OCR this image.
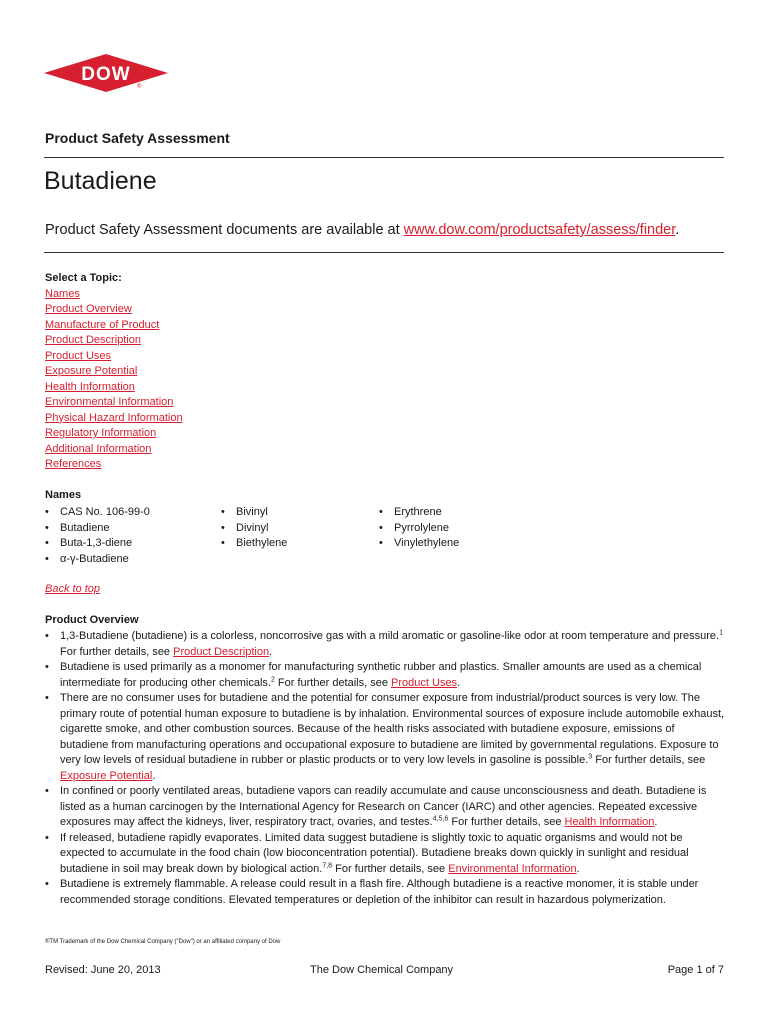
DOW
®
Product Safety Assessment
Butadiene
Product Safety Assessment documents are available at www.dow.com/productsafety/assess/finder.
Select a Topic:
Names
Product Overview
Manufacture of Product
Product Description
Product Uses
Exposure Potential
Health Information
Environmental Information
Physical Hazard Information
Regulatory Information
Additional Information
References
Names
• CAS No. 106-99-0
• Butadiene
• Buta-1,3-diene
• α-γ-Butadiene
• Bivinyl
• Divinyl
• Biethylene
• Erythrene
• Pyrrolylene
• Vinylethylene
Back to top
Product Overview
• 1,3-Butadiene (butadiene) is a colorless, noncorrosive gas with a mild aromatic or gasoline-like odor at room temperature and pressure.$^1$ For further details, see Product Description.
• Butadiene is used primarily as a monomer for manufacturing synthetic rubber and plastics. Smaller amounts are used as a chemical intermediate for producing other chemicals.$^2$ For further details, see Product Uses.
• There are no consumer uses for butadiene and the potential for consumer exposure from industrial/product sources is very low. The primary route of potential human exposure to butadiene is by inhalation. Environmental sources of exposure include automobile exhaust, cigarette smoke, and other combustion sources. Because of the health risks associated with butadiene exposure, emissions of butadiene from manufacturing operations and occupational exposure to butadiene are limited by governmental regulations. Exposure to very low levels of residual butadiene in rubber or plastic products or to very low levels in gasoline is possible.$^3$ For further details, see Exposure Potential.
• In confined or poorly ventilated areas, butadiene vapors can readily accumulate and cause unconsciousness and death. Butadiene is listed as a human carcinogen by the International Agency for Research on Cancer (IARC) and other agencies. Repeated excessive exposures may affect the kidneys, liver, respiratory tract, ovaries, and testes.$^{4,5,6}$ For further details, see Health Information.
• If released, butadiene rapidly evaporates. Limited data suggest butadiene is slightly toxic to aquatic organisms and would not be expected to accumulate in the food chain (low bioconcentration potential). Butadiene breaks down quickly in sunlight and residual butadiene in soil may break down by biological action.$^{7,8}$ For further details, see Environmental Information.
• Butadiene is extremely flammable. A release could result in a flash fire. Although butadiene is a reactive monomer, it is stable under recommended storage conditions. Elevated temperatures or depletion of the inhibitor can result in hazardous polymerization.
®TM Trademark of the Dow Chemical Company ("Dow") or an affiliated company of Dow
Revised: June 20, 2013	The Dow Chemical Company	Page 1 of 7
